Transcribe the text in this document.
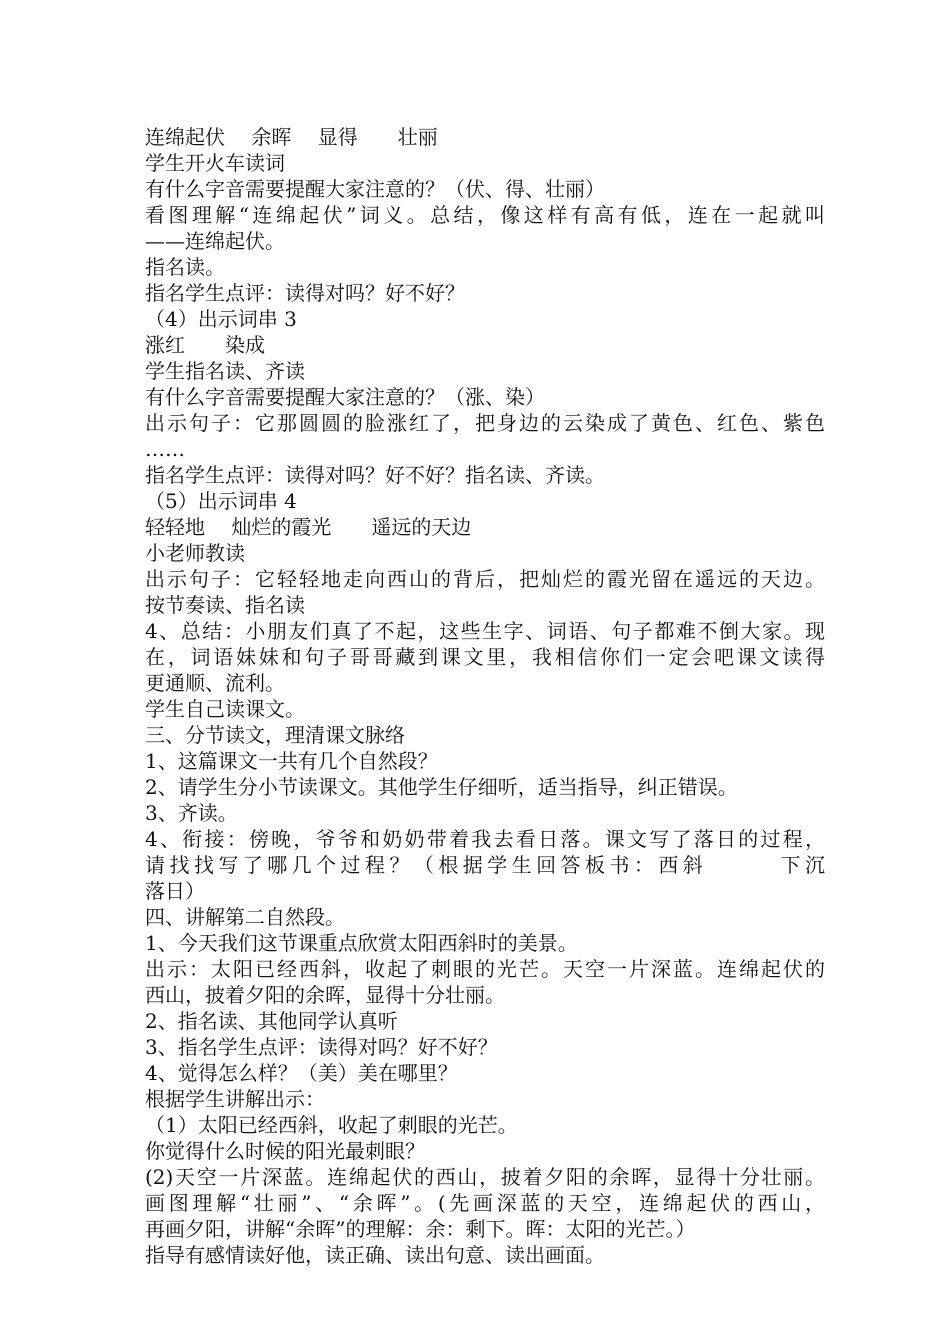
连绵起伏　 余晖　 显得　　壮丽
学生开火车读词
有什么字音需要提醒大家注意的？（伏、得、壮丽）
看图理解“连绵起伏”词义。总结，像这样有高有低，连在一起就叫
——连绵起伏。
指名读。
指名学生点评：读得对吗？好不好？
（4）出示词串 3
涨红　　染成
学生指名读、齐读
有什么字音需要提醒大家注意的？（涨、染）
出示句子：它那圆圆的脸涨红了，把身边的云染成了黄色、红色、紫色
……
指名学生点评：读得对吗？好不好？指名读、齐读。
（5）出示词串 4
轻轻地　 灿烂的霞光　　遥远的天边
小老师教读
出示句子：它轻轻地走向西山的背后，把灿烂的霞光留在遥远的天边。
按节奏读、指名读
4、总结：小朋友们真了不起，这些生字、词语、句子都难不倒大家。现
在，词语妹妹和句子哥哥藏到课文里，我相信你们一定会吧课文读得
更通顺、流利。
学生自己读课文。
三、分节读文，理清课文脉络
1、这篇课文一共有几个自然段？
2、请学生分小节读课文。其他学生仔细听，适当指导，纠正错误。
3、齐读。
4、衔接：傍晚，爷爷和奶奶带着我去看日落。课文写了落日的过程，
请找找写了哪几个过程？（根据学生回答板书：西斜　　　下沉
落日）
四、讲解第二自然段。
1、今天我们这节课重点欣赏太阳西斜时的美景。
出示：太阳已经西斜，收起了刺眼的光芒。天空一片深蓝。连绵起伏的
西山，披着夕阳的余晖，显得十分壮丽。
2、指名读、其他同学认真听
3、指名学生点评：读得对吗？好不好？
4、觉得怎么样？（美）美在哪里？
根据学生讲解出示：
（1）太阳已经西斜，收起了刺眼的光芒。
你觉得什么时候的阳光最刺眼？
(2)天空一片深蓝。连绵起伏的西山，披着夕阳的余晖，显得十分壮丽。
画图理解“壮丽”、“余晖”。(先画深蓝的天空，连绵起伏的西山，
再画夕阳，讲解“余晖”的理解：余：剩下。晖：太阳的光芒。）
指导有感情读好他，读正确、读出句意、读出画面。
